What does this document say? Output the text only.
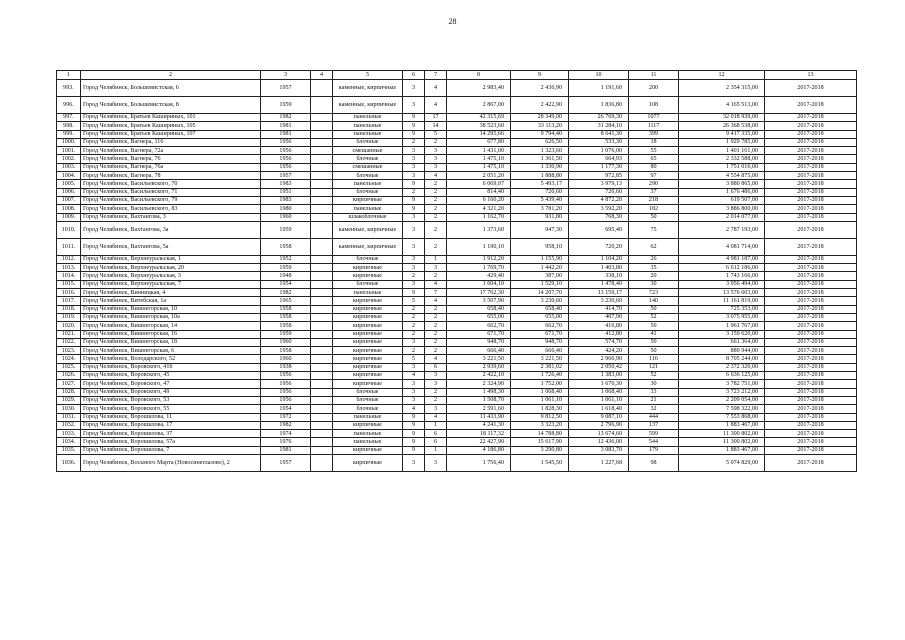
28
1	2	3	4	5	6	7	8	9	10	11	12	13
993.	Город Челябинск, Большевистская, 6	1957		каменные, кирпичные	3	4	2 983,40	2 436,90	1 191,60	200	2 354 315,00	2017-2018
996.	Город Челябинск, Большевистская, 8	1959		каменные, кирпичные	3	4	2 867,00	2 422,90	1 836,80	108	4 165 513,00	2017-2018
997.	Город Челябинск, Братьев Кашириных, 101	1982		панельные	9	17	42 315,69	28 349,00	26 769,30	1077	32 018 939,00	2017-2018
998.	Город Челябинск, Братьев Кашириных, 105	1981		панельные	9	14	38 523,60	33 113,20	31 284,10	1117	26 368 538,00	2017-2018
999.	Город Челябинск, Братьев Кашириных, 107	1981		панельные	9	5	14 295,66	9 794,40	8 641,30	399	9 417 335,00	2017-2018
1000.	Город Челябинск, Вагнера, 116	1956		блочные	2	2	677,80	626,50	533,30	18	1 929 785,00	2017-2018
1001.	Город Челябинск, Вагнера, 72а	1956		смешанные	3	3	1 431,00	1 323,60	1 076,00	55	1 401 161,00	2017-2018
1002.	Город Челябинск, Вагнера, 76	1956		блочные	3	3	1 475,10	1 361,50	664,93	65	2 332 588,00	2017-2018
1003.	Город Челябинск, Вагнера, 76а	1956		смешанные	3	3	1 475,10	1 330,90	1 177,30	80	1 751 016,00	2017-2018
1004.	Город Челябинск, Вагнера, 78	1957		блочные	3	4	2 051,20	1 888,80	972,85	97	4 554 875,00	2017-2018
1005.	Город Челябинск, Васильевского, 70	1983		панельные	9	2	6 069,07	5 493,17	3 979,13	290	3 880 865,00	2017-2018
1006.	Город Челябинск, Васильевского, 71	1951		блочные	2	2	814,40	720,60	720,60	37	1 676 486,00	2017-2018
1007.	Город Челябинск, Васильевского, 79	1983		кирпичные	9	2	6 160,20	5 439,40	4 872,20	218	619 507,00	2017-2018
1008.	Город Челябинск, Васильевского, 83	1980		панельные	9	2	4 321,20	3 781,20	3 592,20	182	3 886 800,00	2017-2018
1009.	Город Челябинск, Вахтангова, 3	1960		шлакоблочные	3	2	1 162,70	931,80	768,30	50	2 014 077,00	2017-2018
1010.	Город Челябинск, Вахтангова, 3а	1959		каменные, кирпичные	3	2	1 373,60	947,30	695,40	75	2 787 193,00	2017-2018
1011.	Город Челябинск, Вахтангова, 5а	1958		каменные, кирпичные	3	2	1 190,10	958,10	720,20	62	4 081 714,00	2017-2018
1012.	Город Челябинск, Верхнеуральская, 1	1952		блочные	3	1	1 912,20	1 155,90	1 104,20	26	4 981 187,00	2017-2018
1013.	Город Челябинск, Верхнеуральская, 20	1959		кирпичные	3	3	1 769,70	1 442,20	1 403,80	35	6 612 186,00	2017-2018
1014.	Город Челябинск, Верхнеуральская, 3	1948		кирпичные	2	2	429,40	387,00	338,10	20	1 743 166,00	2017-2018
1015.	Город Челябинск, Верхнеуральская, 7	1954		блочные	3	4	1 604,10	1 529,10	1 478,40	30	3 956 494,00	2017-2018
1016.	Город Челябинск, Винницкая, 4	1982		панельные	9	7	17 762,30	14 207,70	13 159,17	723	13 576 603,00	2017-2018
1017.	Город Челябинск, Витебская, 1а	1965		кирпичные	5	4	3 507,90	3 230,60	3 230,60	140	11 161 819,00	2017-2018
1018.	Город Челябинск, Вишнегорская, 10	1958		кирпичные	2	2	658,40	658,40	414,70	50	725 353,00	2017-2018
1019.	Город Челябинск, Вишнегорская, 10а	1958		кирпичные	2	2	655,00	655,00	407,90	52	3 075 955,00	2017-2018
1020.	Город Челябинск, Вишнегорская, 14	1958		кирпичные	2	2	662,70	662,70	416,80	50	1 961 767,00	2017-2018
1021.	Город Челябинск, Вишнегорская, 16	1959		кирпичные	2	2	671,70	671,70	412,80	41	3 159 620,00	2017-2018
1022.	Город Челябинск, Вишнегорская, 18	1960		кирпичные	3	2	948,70	948,70	574,70	50	661 364,00	2017-2018
1023.	Город Челябинск, Вишнегорская, 6	1958		кирпичные	2	2	666,40	666,40	424,20	50	889 944,00	2017-2018
1024.	Город Челябинск, Володарского, 52	1960		кирпичные	5	4	3 221,50	3 221,50	2 966,90	116	8 705 244,00	2017-2018
1025.	Город Челябинск, Воровского, 41б	1938		кирпичные	3	6	2 939,60	2 381,02	2 050,42	121	2 372 320,00	2017-2018
1026.	Город Челябинск, Воровского, 45	1956		кирпичные	4	3	2 422,10	1 726,40	1 383,00	52	6 636 125,00	2017-2018
1027.	Город Челябинск, Воровского, 47	1956		кирпичные	3	3	2 324,90	1 752,00	1 670,30	30	3 782 751,00	2017-2018
1028.	Город Челябинск, Воровского, 49	1956		блочные	3	2	1 498,30	1 068,40	1 068,40	33	3 723 212,00	2017-2018
1029.	Город Челябинск, Воровского, 53	1956		блочные	3	2	1 508,70	1 061,10	1 061,10	21	2 209 054,00	2017-2018
1030.	Город Челябинск, Воровского, 55	1954		блочные	4	3	2 591,60	1 828,30	1 618,40	32	7 598 322,00	2017-2018
1031.	Город Челябинск, Ворошилова, 11	1972		панельные	9	4	11 433,90	9 812,50	9 087,10	444	7 553 868,00	2017-2018
1032.	Город Челябинск, Ворошилова, 17	1982		кирпичные	9	1	4 241,30	3 323,20	2 796,90	137	1 883 467,00	2017-2018
1033.	Город Челябинск, Ворошилова, 37	1974		панельные	9	6	18 117,32	14 788,80	13 674,60	599	11 300 802,00	2017-2018
1034.	Город Челябинск, Ворошилова, 57а	1976		панельные	9	6	22 427,90	15 617,90	12 436,00	544	11 300 802,00	2017-2018
1035.	Город Челябинск, Ворошилова, 7	1981		кирпичные	9	1	4 186,80	3 290,80	3 083,70	179	1 883 467,00	2017-2018
1036.	Город Челябинск, Восьмого Марта (Новосинеглазово), 2	1957		кирпичные	3	3	1 756,40	1 545,50	1 227,68	98	5 074 829,00	2017-2018
